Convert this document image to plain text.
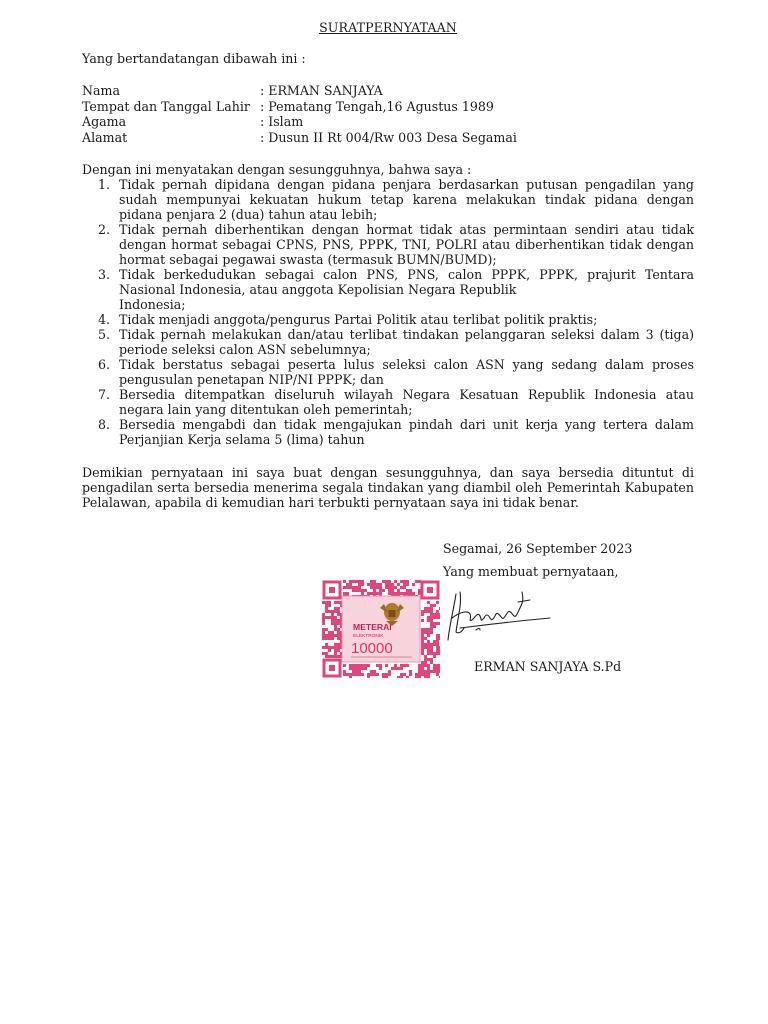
SURATPERNYATAAN
Yang bertandatangan dibawah ini :
Nama	: ERMAN SANJAYA
Tempat dan Tanggal Lahir	: Pematang Tengah,16 Agustus 1989
Agama	: Islam
Alamat	: Dusun II Rt 004/Rw 003 Desa Segamai
Dengan ini menyatakan dengan sesungguhnya, bahwa saya :
1. Tidak pernah dipidana dengan pidana penjara berdasarkan putusan pengadilan yang sudah mempunyai kekuatan hukum tetap karena melakukan tindak pidana dengan pidana penjara 2 (dua) tahun atau lebih;
2. Tidak pernah diberhentikan dengan hormat tidak atas permintaan sendiri atau tidak dengan hormat sebagai CPNS, PNS, PPPK, TNI, POLRI atau diberhentikan tidak dengan hormat sebagai pegawai swasta (termasuk BUMN/BUMD);
3. Tidak berkedudukan sebagai calon PNS, PNS, calon PPPK, PPPK, prajurit Tentara Nasional Indonesia, atau anggota Kepolisian Negara Republik
Indonesia;
4. Tidak menjadi anggota/pengurus Partai Politik atau terlibat politik praktis;
5. Tidak pernah melakukan dan/atau terlibat tindakan pelanggaran seleksi dalam 3 (tiga) periode seleksi calon ASN sebelumnya;
6. Tidak berstatus sebagai peserta lulus seleksi calon ASN yang sedang dalam proses pengusulan penetapan NIP/NI PPPK; dan
7. Bersedia ditempatkan diseluruh wilayah Negara Kesatuan Republik Indonesia atau negara lain yang ditentukan oleh pemerintah;
8. Bersedia mengabdi dan tidak mengajukan pindah dari unit kerja yang tertera dalam Perjanjian Kerja selama 5 (lima) tahun
Demikian pernyataan ini saya buat dengan sesungguhnya, dan saya bersedia dituntut di pengadilan serta bersedia menerima segala tindakan yang diambil oleh Pemerintah Kabupaten Pelalawan, apabila di kemudian hari terbukti pernyataan saya ini tidak benar.
Segamai, 26 September 2023
Yang membuat pernyataan,
METERAI
ELEKTRONIK
10000
ERMAN SANJAYA S.Pd
